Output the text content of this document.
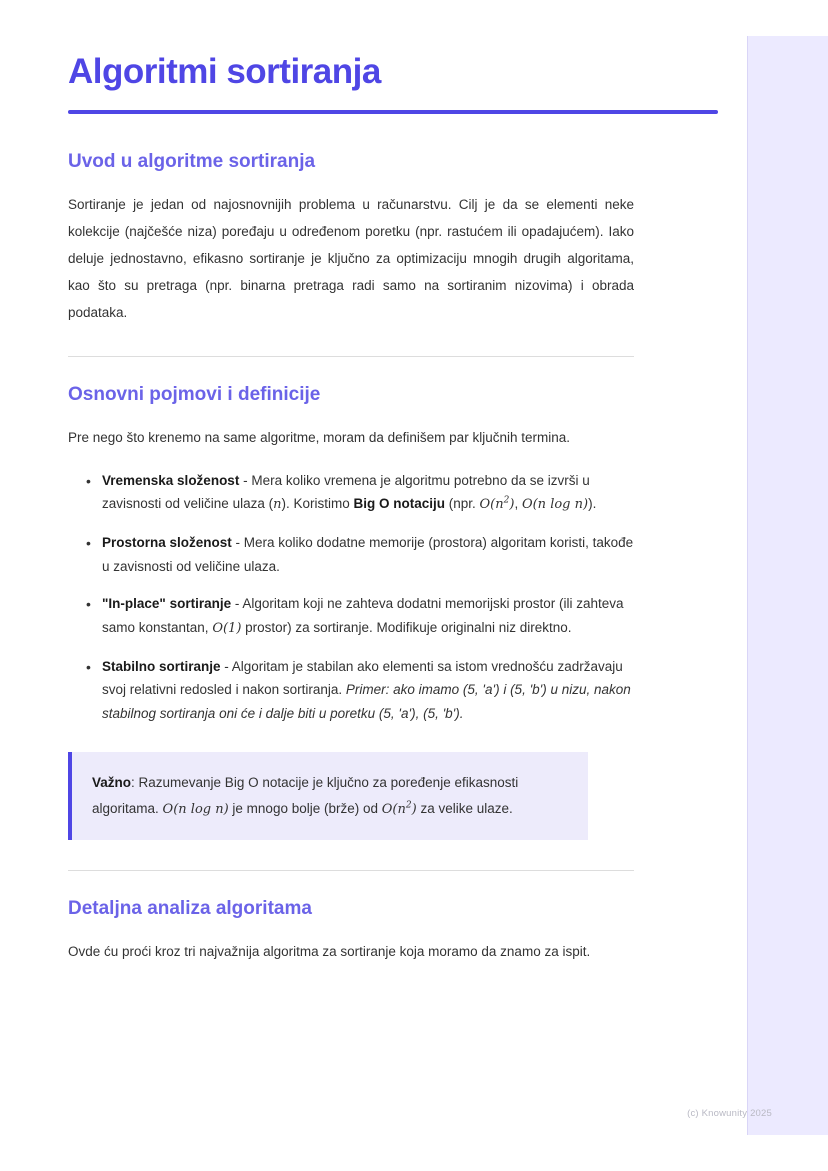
Algoritmi sortiranja
Uvod u algoritme sortiranja

Sortiranje je jedan od najosnovnijih problema u računarstvu. Cilj je da se elementi neke kolekcije (najčešće niza) poređaju u određenom poretku (npr. rastućem ili opadajućem). Iako deluje jednostavno, efikasno sortiranje je ključno za optimizaciju mnogih drugih algoritama, kao što su pretraga (npr. binarna pretraga radi samo na sortiranim nizovima) i obrada podataka.

Osnovni pojmovi i definicije

Pre nego što krenemo na same algoritme, moram da definišem par ključnih termina.

• Vremenska složenost - Mera koliko vremena je algoritmu potrebno da se izvrši u zavisnosti od veličine ulaza (n). Koristimo Big O notaciju (npr. $O(n^2)$, O(n log n)).
• Prostorna složenost - Mera koliko dodatne memorije (prostora) algoritam koristi, takođe u zavisnosti od veličine ulaza.
• "In-place" sortiranje - Algoritam koji ne zahteva dodatni memorijski prostor (ili zahteva samo konstantan, O(1) prostor) za sortiranje. Modifikuje originalni niz direktno.
• Stabilno sortiranje - Algoritam je stabilan ako elementi sa istom vrednošću zadržavaju svoj relativni redosled i nakon sortiranja. Primer: ako imamo (5, 'a') i (5, 'b') u nizu, nakon stabilnog sortiranja oni će i dalje biti u poretku (5, 'a'), (5, 'b').

Važno: Razumevanje Big O notacije je ključno za poređenje efikasnosti algoritama. O(n log n) je mnogo bolje (brže) od $O(n^2)$ za velike ulaze.

Detaljna analiza algoritama

Ovde ću proći kroz tri najvažnija algoritma za sortiranje koja moramo da znamo za ispit.

(c) Knowunity 2025
